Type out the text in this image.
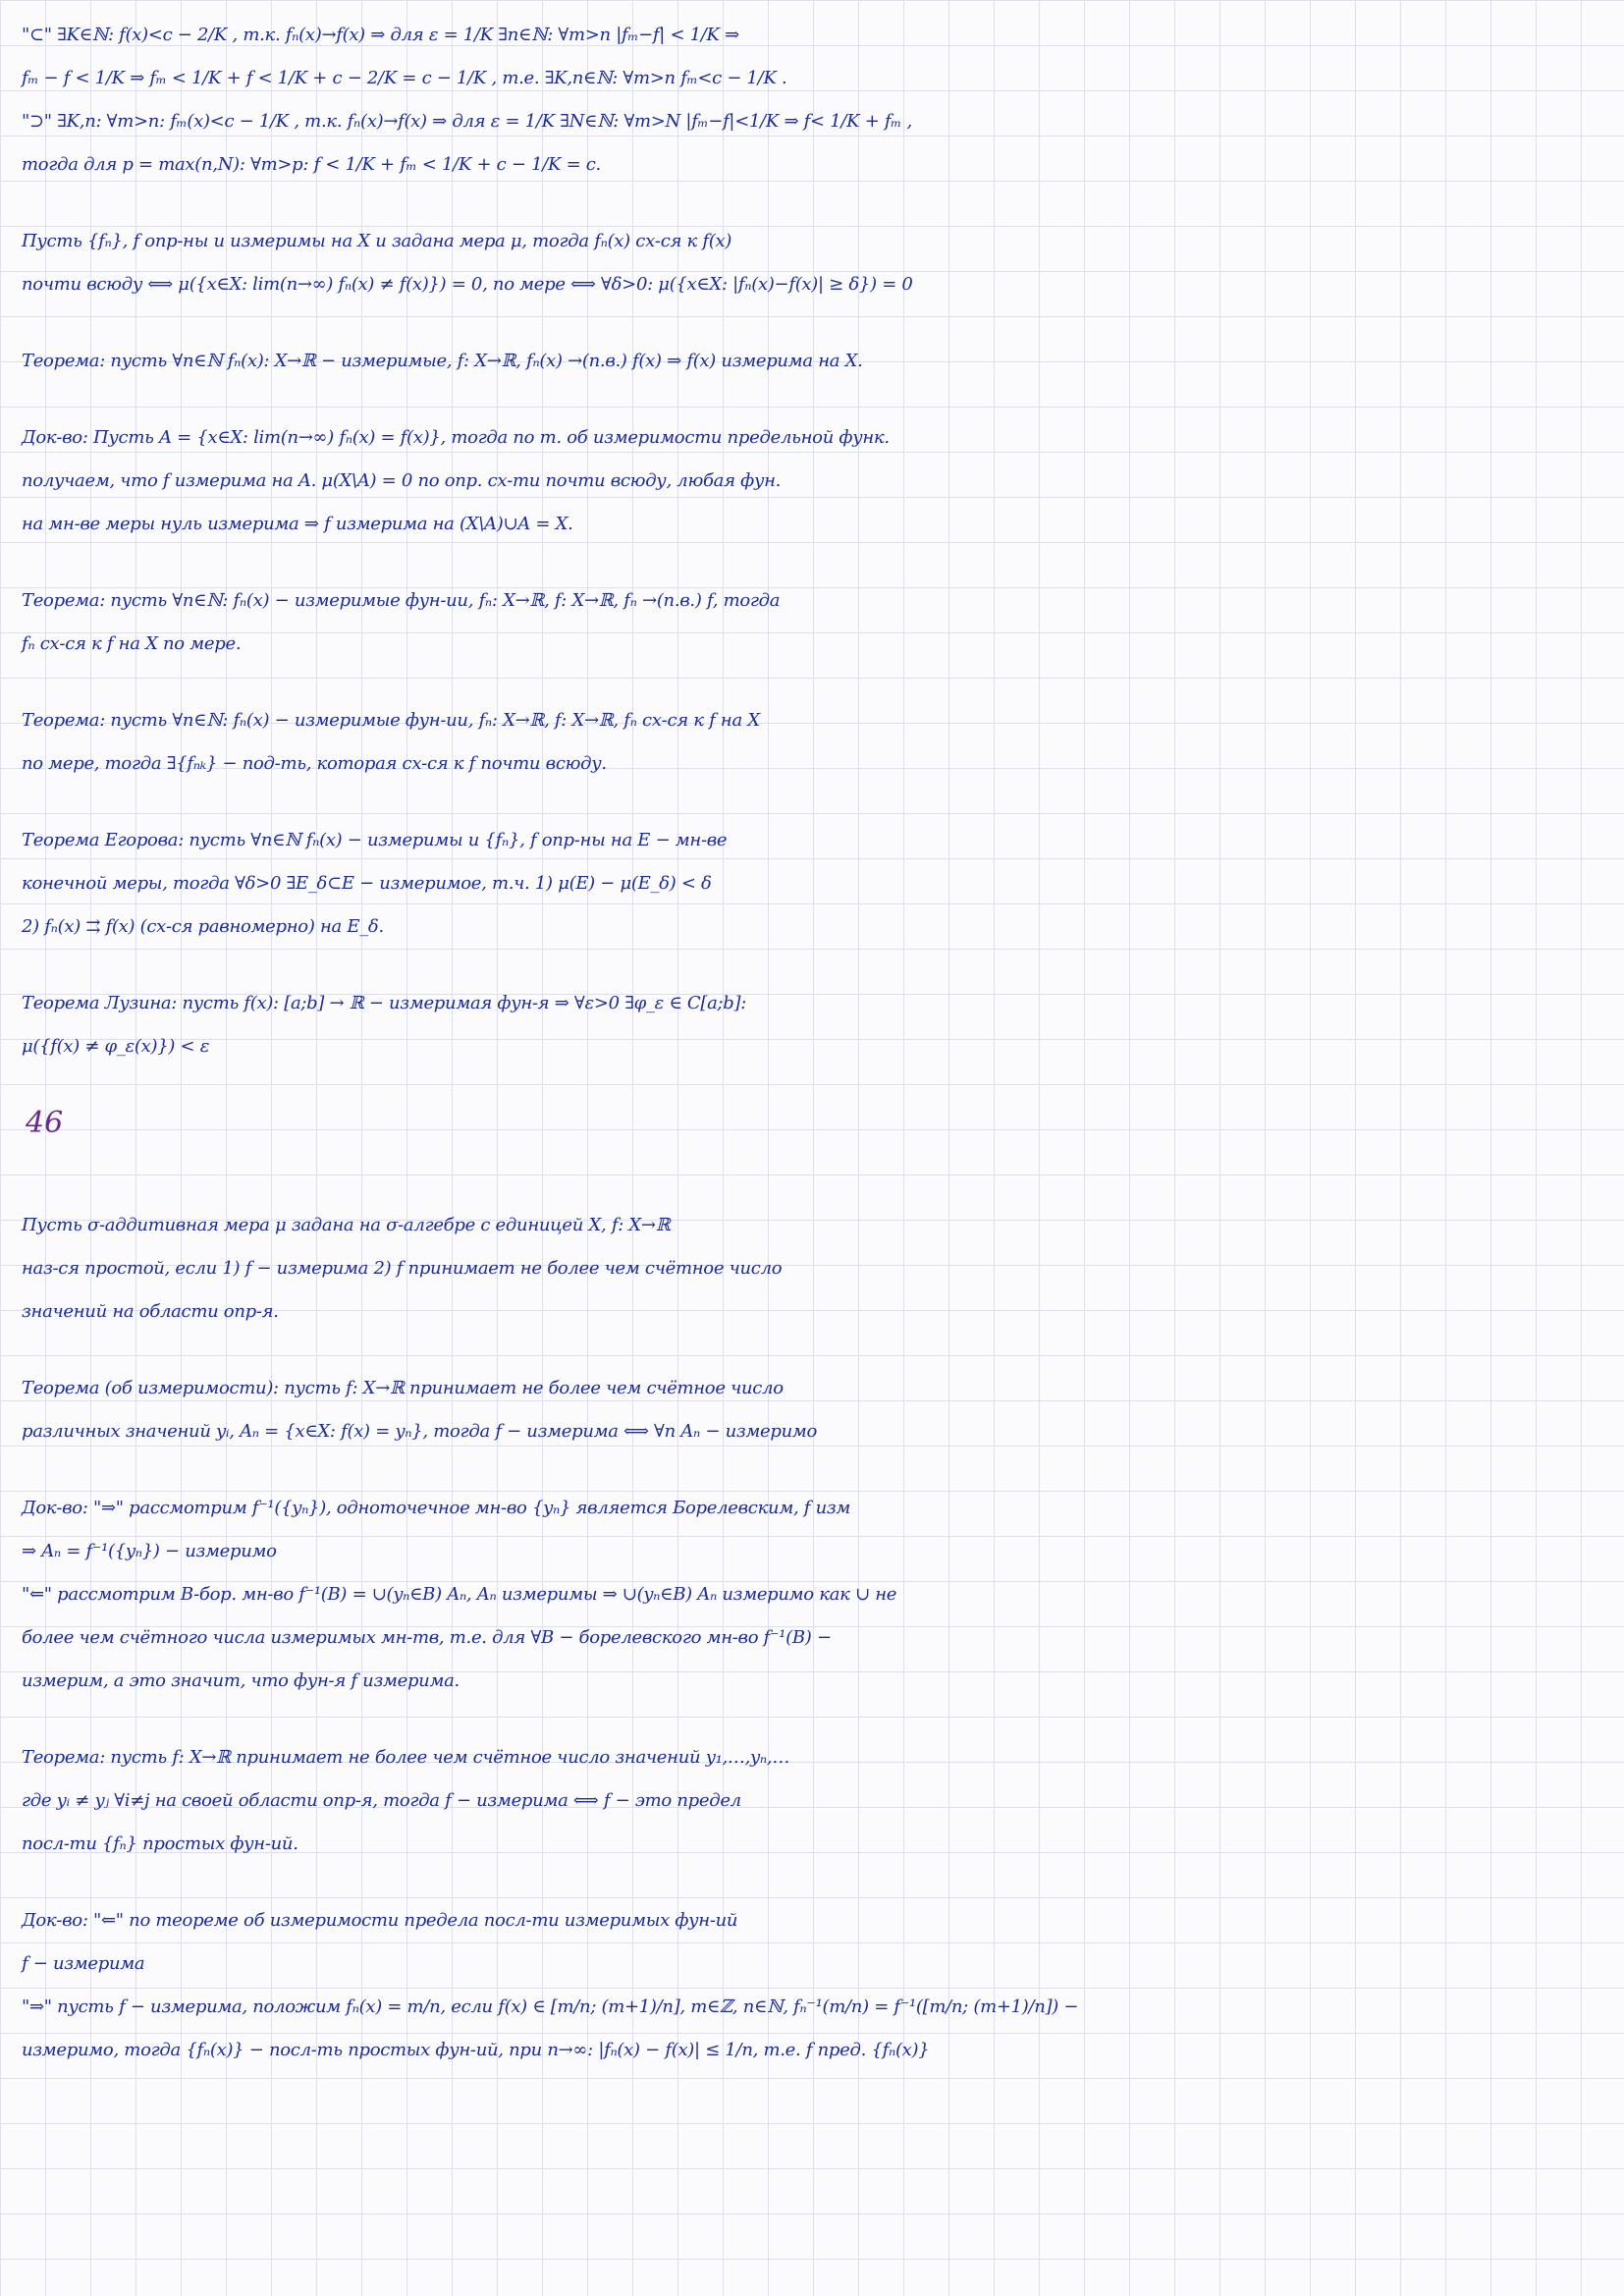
"⊂" ∃K∈ℕ: f(x)<c − 2/K , т.к. fₙ(x)→f(x) ⇒ для ε = 1/K ∃n∈ℕ: ∀m>n |fₘ−f| < 1/K ⇒
fₘ − f < 1/K ⇒ fₘ < 1/K + f < 1/K + c − 2/K = c − 1/K , т.е. ∃K,n∈ℕ: ∀m>n fₘ<c − 1/K .
"⊃" ∃K,n: ∀m>n: fₘ(x)<c − 1/K , т.к. fₙ(x)→f(x) ⇒ для ε = 1/K ∃N∈ℕ: ∀m>N |fₘ−f|<1/K ⇒ f< 1/K + fₘ ,
тогда для p = max(n,N): ∀m>p: f < 1/K + fₘ < 1/K + c − 1/K = c.
Пусть {fₙ}, f опр-ны и измеримы на X и задана мера μ, тогда fₙ(x) сх-ся к f(x)
почти всюду ⟺ μ({x∈X: lim(n→∞) fₙ(x) ≠ f(x)}) = 0, по мере ⟺ ∀δ>0: μ({x∈X: |fₙ(x)−f(x)| ≥ δ}) = 0
Теорема: пусть ∀n∈ℕ fₙ(x): X→ℝ − измеримые, f: X→ℝ, fₙ(x) →(п.в.) f(x) ⇒ f(x) измерима на X.
Док-во: Пусть A = {x∈X: lim(n→∞) fₙ(x) = f(x)}, тогда по т. об измеримости предельной функ.
получаем, что f измерима на A. μ(X\A) = 0 по опр. сх-ти почти всюду, любая фун.
на мн-ве меры нуль измерима ⇒ f измерима на (X\A)∪A = X.
Теорема: пусть ∀n∈ℕ: fₙ(x) − измеримые фун-ии, fₙ: X→ℝ, f: X→ℝ, fₙ →(п.в.) f, тогда
fₙ сх-ся к f на X по мере.
Теорема: пусть ∀n∈ℕ: fₙ(x) − измеримые фун-ии, fₙ: X→ℝ, f: X→ℝ, fₙ сх-ся к f на X
по мере, тогда ∃{fₙₖ} − под-ть, которая сх-ся к f почти всюду.
Теорема Егорова: пусть ∀n∈ℕ fₙ(x) − измеримы и {fₙ}, f опр-ны на E − мн-ве
конечной меры, тогда ∀δ>0 ∃E_δ⊂E − измеримое, т.ч. 1) μ(E) − μ(E_δ) < δ
2) fₙ(x) ⇉ f(x) (сх-ся равномерно) на E_δ.
Теорема Лузина: пусть f(x): [a;b] → ℝ − измеримая фун-я ⇒ ∀ε>0 ∃φ_ε ∈ C[a;b]:
μ({f(x) ≠ φ_ε(x)}) < ε
46
Пусть σ-аддитивная мера μ задана на σ-алгебре с единицей X, f: X→ℝ
наз-ся простой, если 1) f − измерима 2) f принимает не более чем счётное число
значений на области опр-я.
Теорема (об измеримости): пусть f: X→ℝ принимает не более чем счётное число
различных значений yᵢ, Aₙ = {x∈X: f(x) = yₙ}, тогда f − измерима ⟺ ∀n Aₙ − измеримо
Док-во: "⇒" рассмотрим f⁻¹({yₙ}), одноточечное мн-во {yₙ} является Борелевским, f изм
⇒ Aₙ = f⁻¹({yₙ}) − измеримо
"⇐" рассмотрим B-бор. мн-во f⁻¹(B) = ∪(yₙ∈B) Aₙ, Aₙ измеримы ⇒ ∪(yₙ∈B) Aₙ измеримо как ∪ не
более чем счётного числа измеримых мн-тв, т.е. для ∀B − борелевского мн-во f⁻¹(B) −
измерим, а это значит, что фун-я f измерима.
Теорема: пусть f: X→ℝ принимает не более чем счётное число значений y₁,…,yₙ,…
где yᵢ ≠ yⱼ ∀i≠j на своей области опр-я, тогда f − измерима ⟺ f − это предел
посл-ти {fₙ} простых фун-ий.
Док-во: "⇐" по теореме об измеримости предела посл-ти измеримых фун-ий
f − измерима
"⇒" пусть f − измерима, положим fₙ(x) = m/n, если f(x) ∈ [m/n; (m+1)/n], m∈ℤ, n∈ℕ, fₙ⁻¹(m/n) = f⁻¹([m/n; (m+1)/n]) −
измеримо, тогда {fₙ(x)} − посл-ть простых фун-ий, при n→∞: |fₙ(x) − f(x)| ≤ 1/n, т.е. f пред. {fₙ(x)}
